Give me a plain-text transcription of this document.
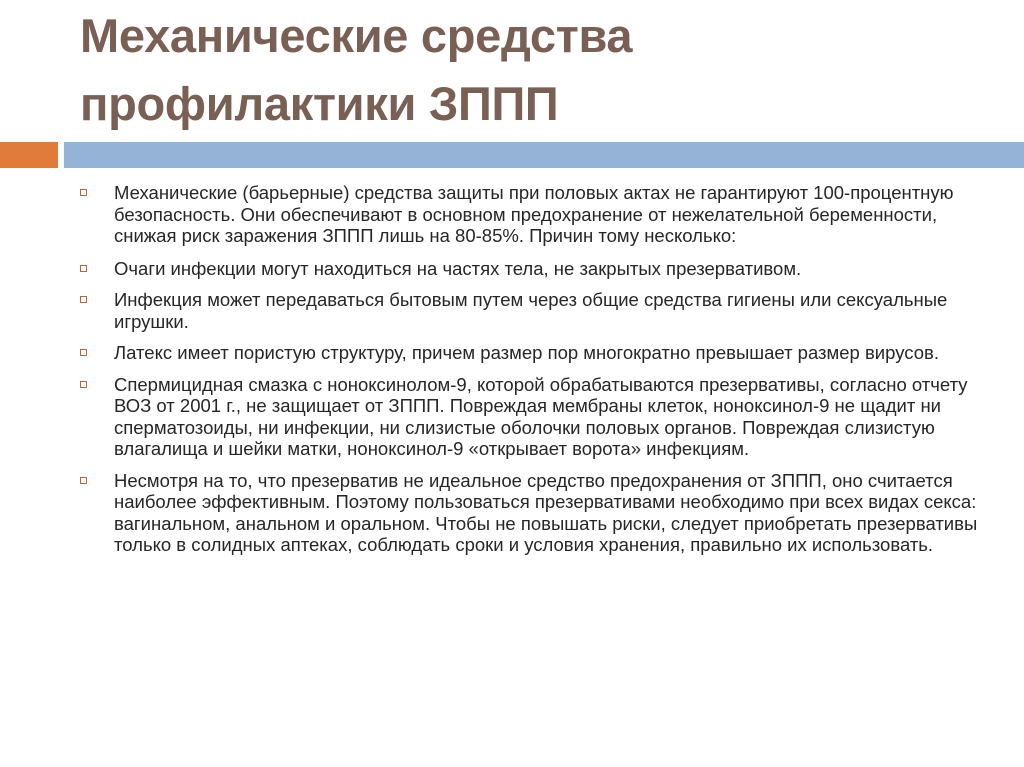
Механические средства
профилактики ЗППП
Механические (барьерные) средства защиты при половых актах не гарантируют 100-процентную безопасность. Они обеспечивают в основном предохранение от нежелательной беременности, снижая риск заражения ЗППП лишь на 80-85%. Причин тому несколько:
Очаги инфекции могут находиться на частях тела, не закрытых презервативом.
Инфекция может передаваться бытовым путем через общие средства гигиены или сексуальные игрушки.
Латекс имеет пористую структуру, причем размер пор многократно превышает размер вирусов.
Спермицидная смазка с ноноксинолом-9, которой обрабатываются презервативы, согласно отчету ВОЗ от 2001 г., не защищает от ЗППП. Повреждая мембраны клеток, ноноксинол-9 не щадит ни сперматозоиды, ни инфекции, ни слизистые оболочки половых органов. Повреждая слизистую влагалища и шейки матки, ноноксинол-9 «открывает ворота» инфекциям.
Несмотря на то, что презерватив не идеальное средство предохранения от ЗППП, оно считается наиболее эффективным. Поэтому пользоваться презервативами необходимо при всех видах секса: вагинальном, анальном и оральном. Чтобы не повышать риски, следует приобретать презервативы только в солидных аптеках, соблюдать сроки и условия хранения, правильно их использовать.
